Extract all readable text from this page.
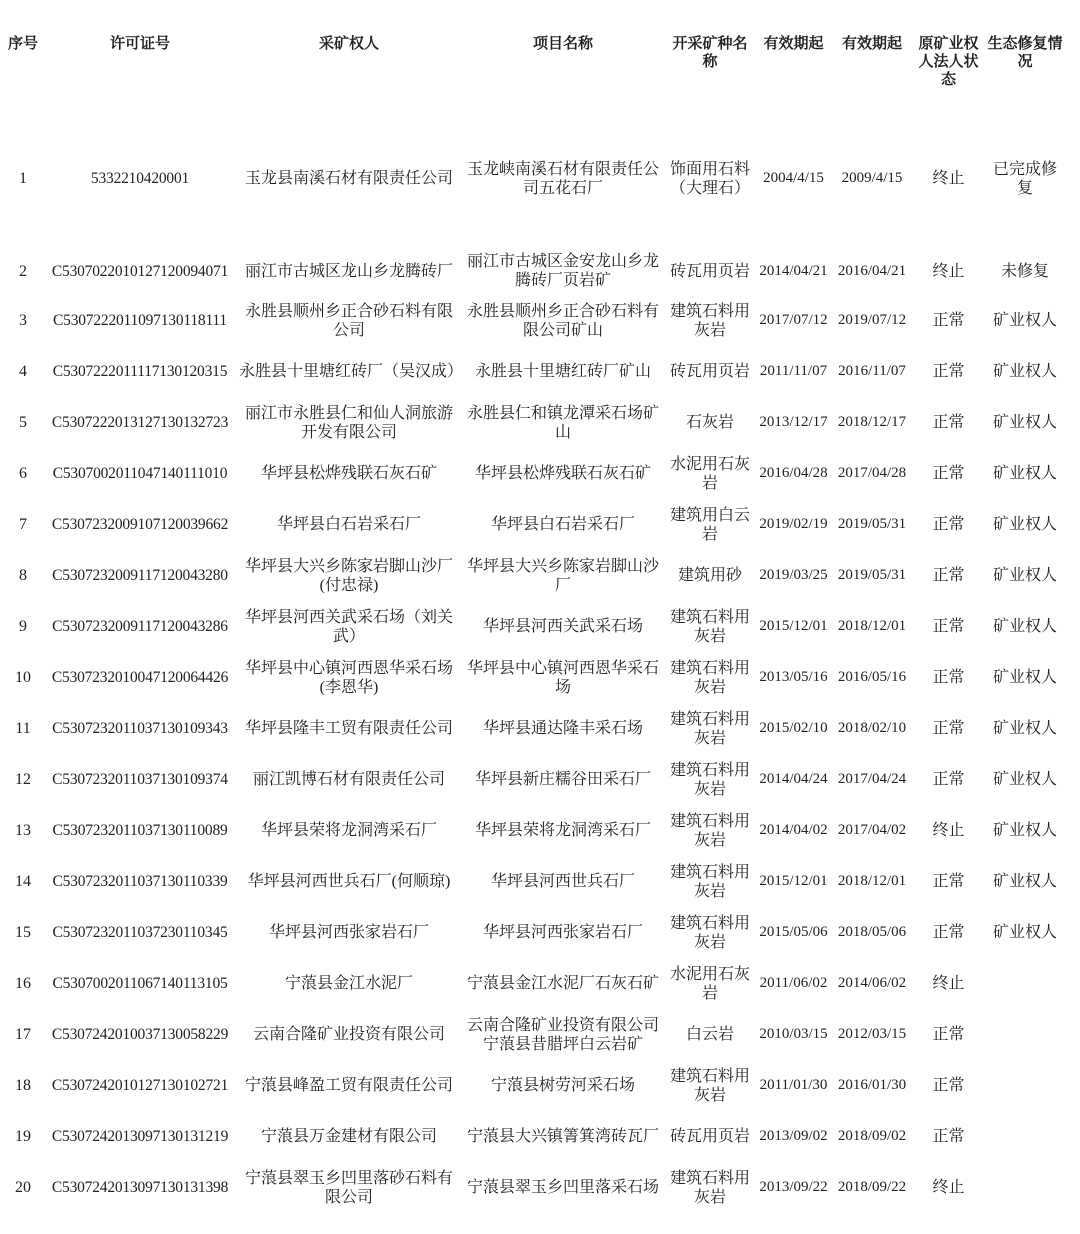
序号	许可证号	采矿权人	项目名称	开采矿种名称	有效期起	有效期起	原矿业权人法人状态	生态修复情况
1	5332210420001	玉龙县南溪石材有限责任公司	玉龙峡南溪石材有限责任公司五花石厂	饰面用石料（大理石）	2004/4/15	2009/4/15	终止	已完成修复
2	C5307022010127120094071	丽江市古城区龙山乡龙腾砖厂	丽江市古城区金安龙山乡龙腾砖厂页岩矿	砖瓦用页岩	2014/04/21	2016/04/21	终止	未修复
3	C5307222011097130118111	永胜县顺州乡正合砂石料有限公司	永胜县顺州乡正合砂石料有限公司矿山	建筑石料用灰岩	2017/07/12	2019/07/12	正常	矿业权人
4	C5307222011117130120315	永胜县十里塘红砖厂（吴汉成）	永胜县十里塘红砖厂矿山	砖瓦用页岩	2011/11/07	2016/11/07	正常	矿业权人
5	C5307222013127130132723	丽江市永胜县仁和仙人洞旅游开发有限公司	永胜县仁和镇龙潭采石场矿山	石灰岩	2013/12/17	2018/12/17	正常	矿业权人
6	C5307002011047140111010	华坪县松烨残联石灰石矿	华坪县松烨残联石灰石矿	水泥用石灰岩	2016/04/28	2017/04/28	正常	矿业权人
7	C5307232009107120039662	华坪县白石岩采石厂	华坪县白石岩采石厂	建筑用白云岩	2019/02/19	2019/05/31	正常	矿业权人
8	C5307232009117120043280	华坪县大兴乡陈家岩脚山沙厂(付忠禄)	华坪县大兴乡陈家岩脚山沙厂	建筑用砂	2019/03/25	2019/05/31	正常	矿业权人
9	C5307232009117120043286	华坪县河西关武采石场（刘关武）	华坪县河西关武采石场	建筑石料用灰岩	2015/12/01	2018/12/01	正常	矿业权人
10	C5307232010047120064426	华坪县中心镇河西恩华采石场(李恩华)	华坪县中心镇河西恩华采石场	建筑石料用灰岩	2013/05/16	2016/05/16	正常	矿业权人
11	C5307232011037130109343	华坪县隆丰工贸有限责任公司	华坪县通达隆丰采石场	建筑石料用灰岩	2015/02/10	2018/02/10	正常	矿业权人
12	C5307232011037130109374	丽江凯博石材有限责任公司	华坪县新庄糯谷田采石厂	建筑石料用灰岩	2014/04/24	2017/04/24	正常	矿业权人
13	C5307232011037130110089	华坪县荣将龙洞湾采石厂	华坪县荣将龙洞湾采石厂	建筑石料用灰岩	2014/04/02	2017/04/02	终止	矿业权人
14	C5307232011037130110339	华坪县河西世兵石厂(何顺琼)	华坪县河西世兵石厂	建筑石料用灰岩	2015/12/01	2018/12/01	正常	矿业权人
15	C5307232011037230110345	华坪县河西张家岩石厂	华坪县河西张家岩石厂	建筑石料用灰岩	2015/05/06	2018/05/06	正常	矿业权人
16	C5307002011067140113105	宁蒗县金江水泥厂	宁蒗县金江水泥厂石灰石矿	水泥用石灰岩	2011/06/02	2014/06/02	终止	
17	C5307242010037130058229	云南合隆矿业投资有限公司	云南合隆矿业投资有限公司宁蒗县昔腊坪白云岩矿	白云岩	2010/03/15	2012/03/15	正常	
18	C5307242010127130102721	宁蒗县峰盈工贸有限责任公司	宁蒗县树劳河采石场	建筑石料用灰岩	2011/01/30	2016/01/30	正常	
19	C5307242013097130131219	宁蒗县万金建材有限公司	宁蒗县大兴镇箐箕湾砖瓦厂	砖瓦用页岩	2013/09/02	2018/09/02	正常	
20	C5307242013097130131398	宁蒗县翠玉乡凹里落砂石料有限公司	宁蒗县翠玉乡凹里落采石场	建筑石料用灰岩	2013/09/22	2018/09/22	终止	
